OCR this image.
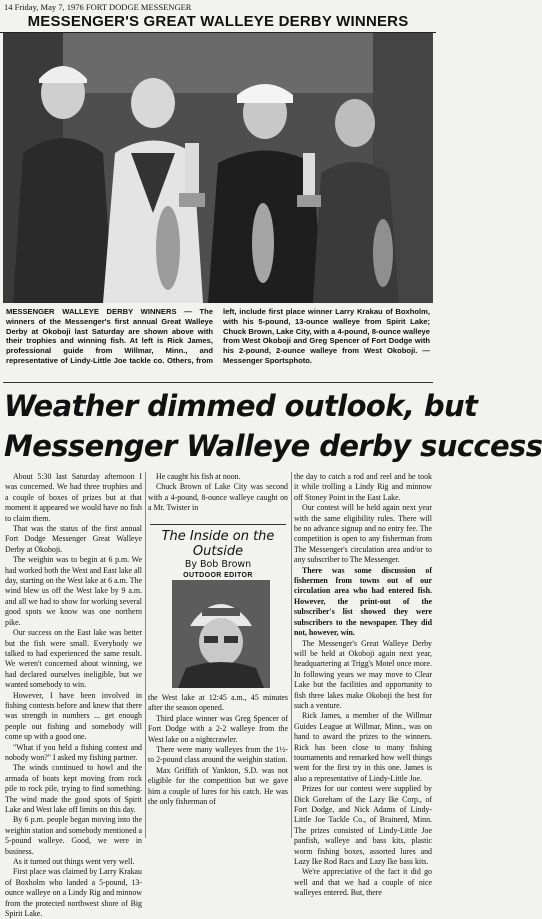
14 Friday, May 7, 1976 FORT DODGE MESSENGER
MESSENGER'S GREAT WALLEYE DERBY WINNERS
MESSENGER WALLEYE DERBY WINNERS — The winners of the Messenger's first annual Great Walleye Derby at Okoboji last Saturday are shown above with their trophies and winning fish. At left is Rick James, professional guide from Willmar, Minn., and representative of Lindy-Little Joe tackle co. Others, from left, include first place winner Larry Krakau of Boxholm, with his 5-pound, 13-ounce walleye from Spirit Lake; Chuck Brown, Lake City, with a 4-pound, 8-ounce walleye from West Okoboji and Greg Spencer of Fort Dodge with his 2-pound, 2-ounce walleye from West Okoboji. — Messenger Sportsphoto.
Weather dimmed outlook, but
Messenger Walleye derby success

About 5:30 last Saturday afternoon I was concerned. We had three trophies and a couple of boxes of prizes but at that moment it appeared we would have no fish to claim them.

That was the status of the first annual Fort Dodge Messenger Great Walleye Derby at Okoboji.

The weighin was to begin at 6 p.m. We had worked both the West and East lake all day, starting on the West lake at 6 a.m. The wind blew us off the West lake by 9 a.m. and all we had to show for working several good spots we know was one northern pike.

Our success on the East lake was better but the fish were small. Everybody we talked to had experienced the same result. We weren't concerned about winning, we had declared ourselves ineligible, but we wanted somebody to win.

However, I have been involved in fishing contests before and knew that there was strength in numbers ... get enough people out fishing and somebody will come up with a good one.

"What if you held a fishing contest and nobody won?" I asked my fishing partner.

The winds continued to howl and the armada of boats kept moving from rock pile to rock pile, trying to find something. The wind made the good spots of Spirit Lake and West lake off limits on this day.

By 6 p.m. people began moving into the weighin station and somebody mentioned a 5-pound walleye. Good, we were in business.

As it turned out things went very well.

First place was claimed by Larry Krakau of Boxholm who landed a 5-pound, 13-ounce walleye on a Lindy Rig and minnow from the protected northwest shore of Big Spirit Lake.

He caught his fish at noon.

Chuck Brown of Lake City was second with a 4-pound, 8-ounce walleye caught on a Mr. Twister in

The Inside on the Outside
By Bob Brown
OUTDOOR EDITOR

the West lake at 12:45 a.m., 45 minutes after the season opened.

Third place winner was Greg Spencer of Fort Dodge with a 2-2 walleye from the West lake on a nightcrawler.

There were many walleyes from the 1½- to 2-pound class around the weighin station.

Max Griffith of Yankton, S.D. was not eligible for the competition but we gave him a couple of lures for his catch. He was the only fisherman of

the day to catch a rod and reel and he took it while trolling a Lindy Rig and minnow off Stoney Point in the East Lake.

Our contest will be held again next year with the same eligibility rules. There will be no advance signup and no entry fee. The competition is open to any fisherman from The Messenger's circulation area and/or to any subscriber to The Messenger.

There was some discussion of fishermen from towns out of our circulation area who had entered fish. However, the print-out of the subscriber's list showed they were subscribers to the newspaper. They did not, however, win.

The Messenger's Great Walleye Derby will be held at Okoboji again next year, headquartering at Trigg's Motel once more. In following years we may move to Clear Lake but the facilities and opportunity to fish three lakes make Okoboji the best for such a venture.

Rick James, a member of the Willmar Guides League at Willmar, Minn., was on hand to award the prizes to the winners. Rick has been close to many fishing tournaments and remarked how well things went for the first try in this one. James is also a representative of Lindy-Little Joe.

Prizes for our contest were supplied by Dick Goreham of the Lazy Ike Corp., of Fort Dodge, and Nick Adams of Lindy-Little Joe Tackle Co., of Brainerd, Minn. The prizes consisted of Lindy-Little Joe panfish, walleye and bass kits, plastic worm fishing boxes, assorted lures and Lazy Ike Rod Racs and Lazy Ike bass kits.

We're appreciative of the fact it did go well and that we had a couple of nice walleyes entered. But, there
